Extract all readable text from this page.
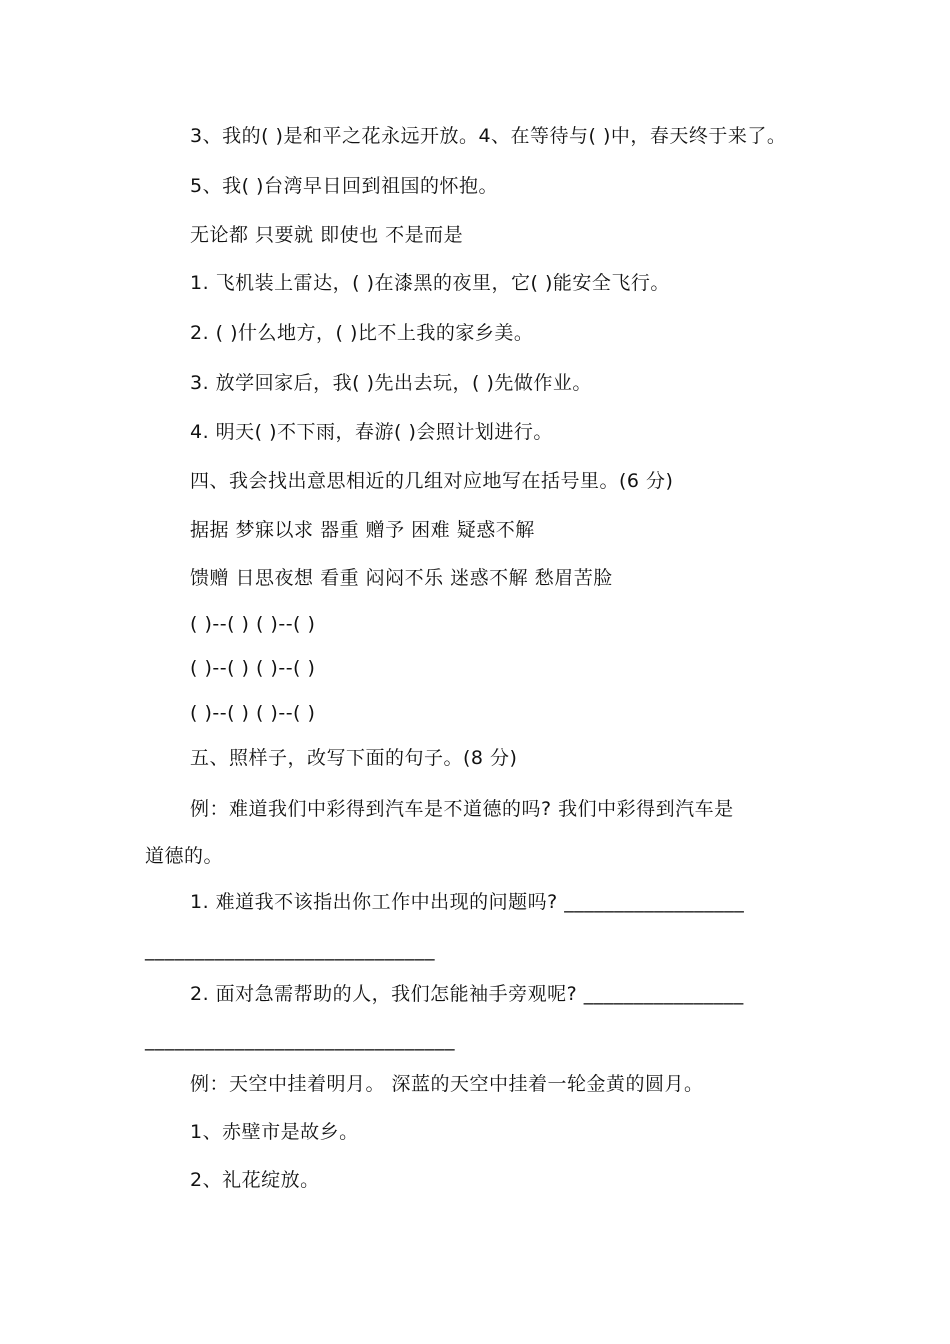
3、我的( )是和平之花永远开放。4、在等待与( )中，春天终于来了。
5、我( )台湾早日回到祖国的怀抱。
无论都 只要就 即使也 不是而是
1. 飞机装上雷达，( )在漆黑的夜里，它( )能安全飞行。
2. ( )什么地方，( )比不上我的家乡美。
3. 放学回家后，我( )先出去玩，( )先做作业。
4. 明天( )不下雨，春游( )会照计划进行。
四、我会找出意思相近的几组对应地写在括号里。(6 分)
据据 梦寐以求 器重 赠予 困难 疑惑不解
馈赠 日思夜想 看重 闷闷不乐 迷惑不解 愁眉苦脸
( )--( ) ( )--( )
( )--( ) ( )--( )
( )--( ) ( )--( )
五、照样子，改写下面的句子。(8 分)
例：难道我们中彩得到汽车是不道德的吗? 我们中彩得到汽车是
道德的。
1. 难道我不该指出你工作中出现的问题吗? __________________
_____________________________
2. 面对急需帮助的人，我们怎能袖手旁观呢? ________________
_______________________________
例：天空中挂着明月。 深蓝的天空中挂着一轮金黄的圆月。
1、赤壁市是故乡。
2、礼花绽放。
